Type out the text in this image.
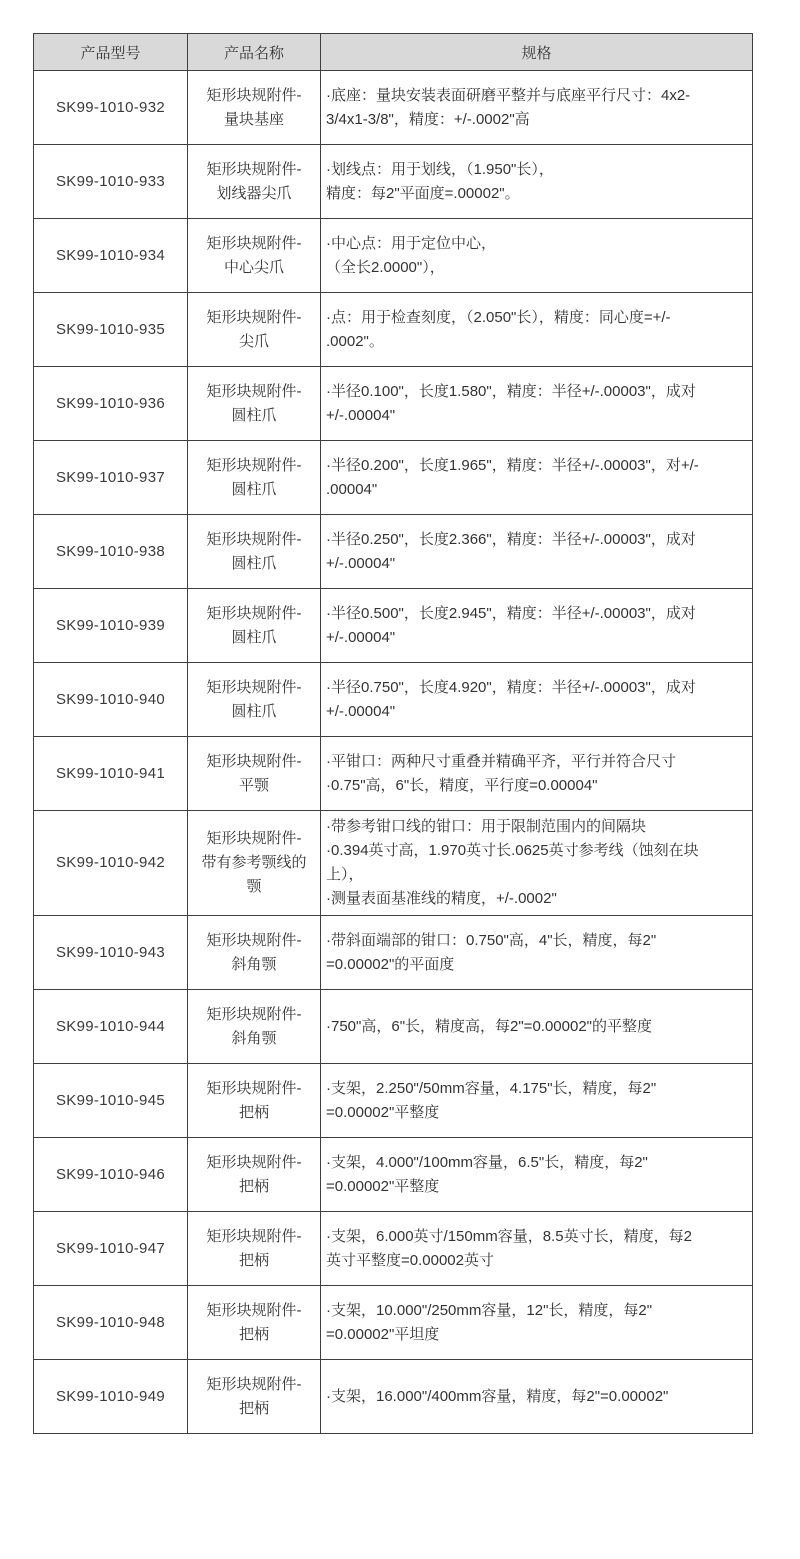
产品型号	产品名称	规格
SK99-1010-932	矩形块规附件-
量块基座	·底座：量块安装表面研磨平整并与底座平行尺寸：4x2-
3/4x1-3/8"，精度：+/-.0002"高

SK99-1010-933	矩形块规附件-
划线器尖爪	·划线点：用于划线，（1.950"长），
精度：每2"平面度=.00002"。

SK99-1010-934	矩形块规附件-
中心尖爪	·中心点：用于定位中心，
（全长2.0000"），

SK99-1010-935	矩形块规附件-
尖爪	·点：用于检查刻度，（2.050"长），精度：同心度=+/-
.0002"。

SK99-1010-936	矩形块规附件-
圆柱爪	·半径0.100"，长度1.580"，精度：半径+/-.00003"，成对
+/-.00004"

SK99-1010-937	矩形块规附件-
圆柱爪	·半径0.200"，长度1.965"，精度：半径+/-.00003"，对+/-
.00004"

SK99-1010-938	矩形块规附件-
圆柱爪	·半径0.250"，长度2.366"，精度：半径+/-.00003"，成对
+/-.00004"

SK99-1010-939	矩形块规附件-
圆柱爪	·半径0.500"，长度2.945"，精度：半径+/-.00003"，成对
+/-.00004"

SK99-1010-940	矩形块规附件-
圆柱爪	·半径0.750"，长度4.920"，精度：半径+/-.00003"，成对
+/-.00004"

SK99-1010-941	矩形块规附件-
平颚	·平钳口：两种尺寸重叠并精确平齐，平行并符合尺寸
·0.75"高，6"长，精度，平行度=0.00004"

SK99-1010-942	矩形块规附件-
带有参考颚线的
颚	·带参考钳口线的钳口：用于限制范围内的间隔块
·0.394英寸高，1.970英寸长.0625英寸参考线（蚀刻在块
上），
·测量表面基准线的精度，+/-.0002"

SK99-1010-943	矩形块规附件-
斜角颚	·带斜面端部的钳口：0.750"高，4"长，精度，每2"
=0.00002"的平面度

SK99-1010-944	矩形块规附件-
斜角颚	·750"高，6"长，精度高，每2"=0.00002"的平整度

SK99-1010-945	矩形块规附件-
把柄	·支架，2.250"/50mm容量，4.175"长，精度，每2"
=0.00002"平整度

SK99-1010-946	矩形块规附件-
把柄	·支架，4.000"/100mm容量，6.5"长，精度，每2"
=0.00002"平整度

SK99-1010-947	矩形块规附件-
把柄	·支架，6.000英寸/150mm容量，8.5英寸长，精度，每2
英寸平整度=0.00002英寸

SK99-1010-948	矩形块规附件-
把柄	·支架，10.000"/250mm容量，12"长，精度，每2"
=0.00002"平坦度

SK99-1010-949	矩形块规附件-
把柄	·支架，16.000"/400mm容量，精度，每2"=0.00002"
